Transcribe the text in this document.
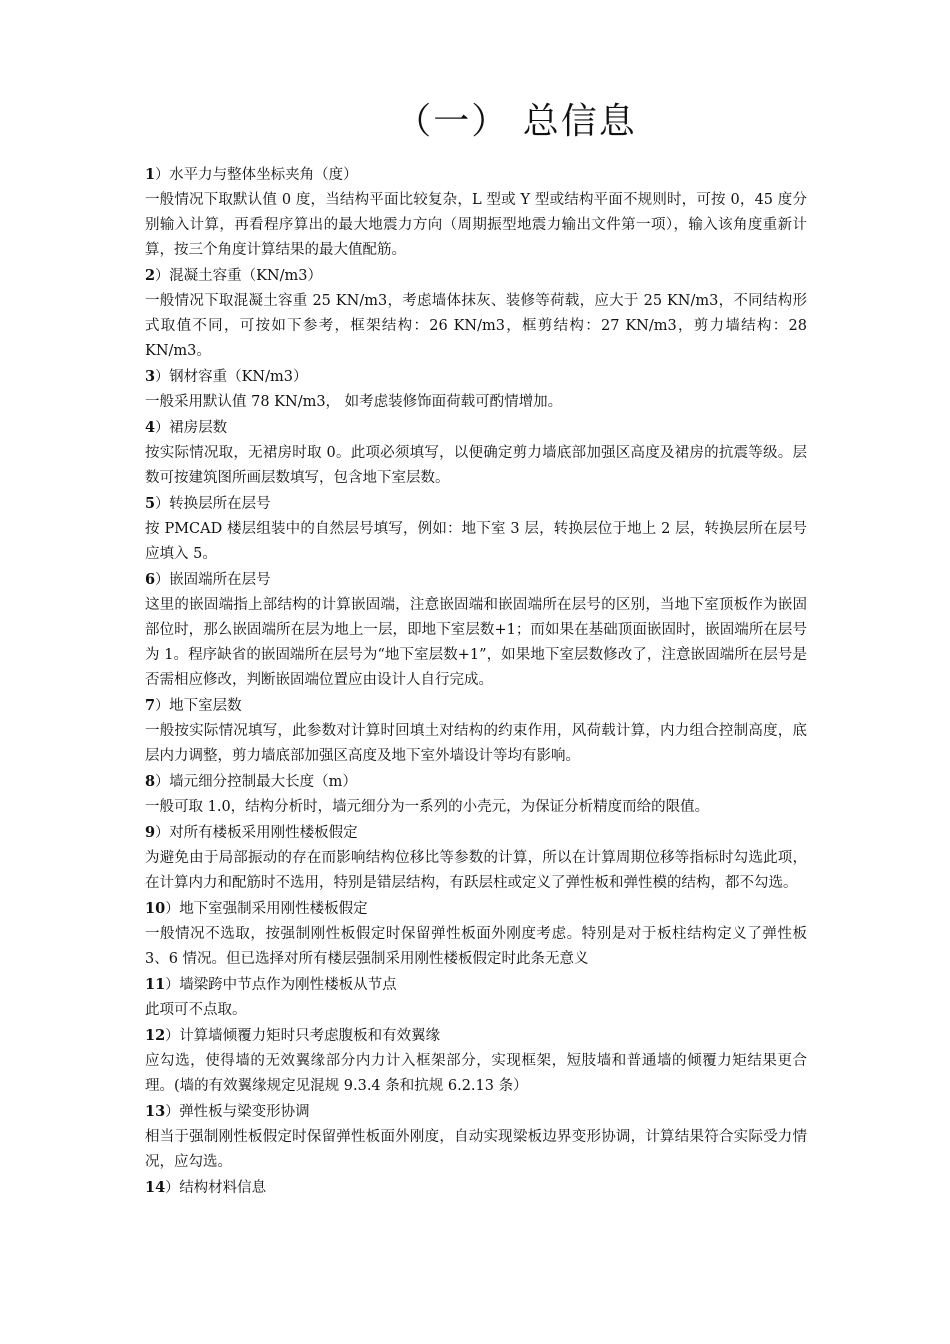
（一） 总信息

1）水平力与整体坐标夹角（度）

一般情况下取默认值 0 度，当结构平面比较复杂，L 型或 Y 型或结构平面不规则时，可按 0，45 度分别输入计算，再看程序算出的最大地震力方向（周期振型地震力输出文件第一项），输入该角度重新计算，按三个角度计算结果的最大值配筋。

2）混凝土容重（KN/m3）

一般情况下取混凝土容重 25 KN/m3，考虑墙体抹灰、装修等荷载，应大于 25 KN/m3，不同结构形式取值不同，可按如下参考，框架结构：26 KN/m3，框剪结构：27 KN/m3，剪力墙结构：28 KN/m3。

3）钢材容重（KN/m3）

一般采用默认值 78 KN/m3， 如考虑装修饰面荷载可酌情增加。

4）裙房层数

按实际情况取，无裙房时取 0。此项必须填写，以便确定剪力墙底部加强区高度及裙房的抗震等级。层数可按建筑图所画层数填写，包含地下室层数。

5）转换层所在层号

按 PMCAD 楼层组装中的自然层号填写，例如：地下室 3 层，转换层位于地上 2 层，转换层所在层号应填入 5。

6）嵌固端所在层号

这里的嵌固端指上部结构的计算嵌固端，注意嵌固端和嵌固端所在层号的区别，当地下室顶板作为嵌固部位时，那么嵌固端所在层为地上一层，即地下室层数+1；而如果在基础顶面嵌固时，嵌固端所在层号为 1。程序缺省的嵌固端所在层号为“地下室层数+1”，如果地下室层数修改了，注意嵌固端所在层号是否需相应修改，判断嵌固端位置应由设计人自行完成。

7）地下室层数

一般按实际情况填写，此参数对计算时回填土对结构的约束作用，风荷载计算，内力组合控制高度，底层内力调整，剪力墙底部加强区高度及地下室外墙设计等均有影响。

8）墙元细分控制最大长度（m）

一般可取 1.0，结构分析时，墙元细分为一系列的小壳元，为保证分析精度而给的限值。

9）对所有楼板采用刚性楼板假定

为避免由于局部振动的存在而影响结构位移比等参数的计算，所以在计算周期位移等指标时勾选此项，在计算内力和配筋时不选用，特别是错层结构，有跃层柱或定义了弹性板和弹性模的结构，都不勾选。

10）地下室强制采用刚性楼板假定

一般情况不选取，按强制刚性板假定时保留弹性板面外刚度考虑。特别是对于板柱结构定义了弹性板 3、6 情况。但已选择对所有楼层强制采用刚性楼板假定时此条无意义

11）墙梁跨中节点作为刚性楼板从节点

此项可不点取。

12）计算墙倾覆力矩时只考虑腹板和有效翼缘

应勾选，使得墙的无效翼缘部分内力计入框架部分，实现框架，短肢墙和普通墙的倾覆力矩结果更合理。(墙的有效翼缘规定见混规 9.3.4 条和抗规 6.2.13 条）

13）弹性板与梁变形协调

相当于强制刚性板假定时保留弹性板面外刚度，自动实现梁板边界变形协调，计算结果符合实际受力情况，应勾选。

14）结构材料信息
